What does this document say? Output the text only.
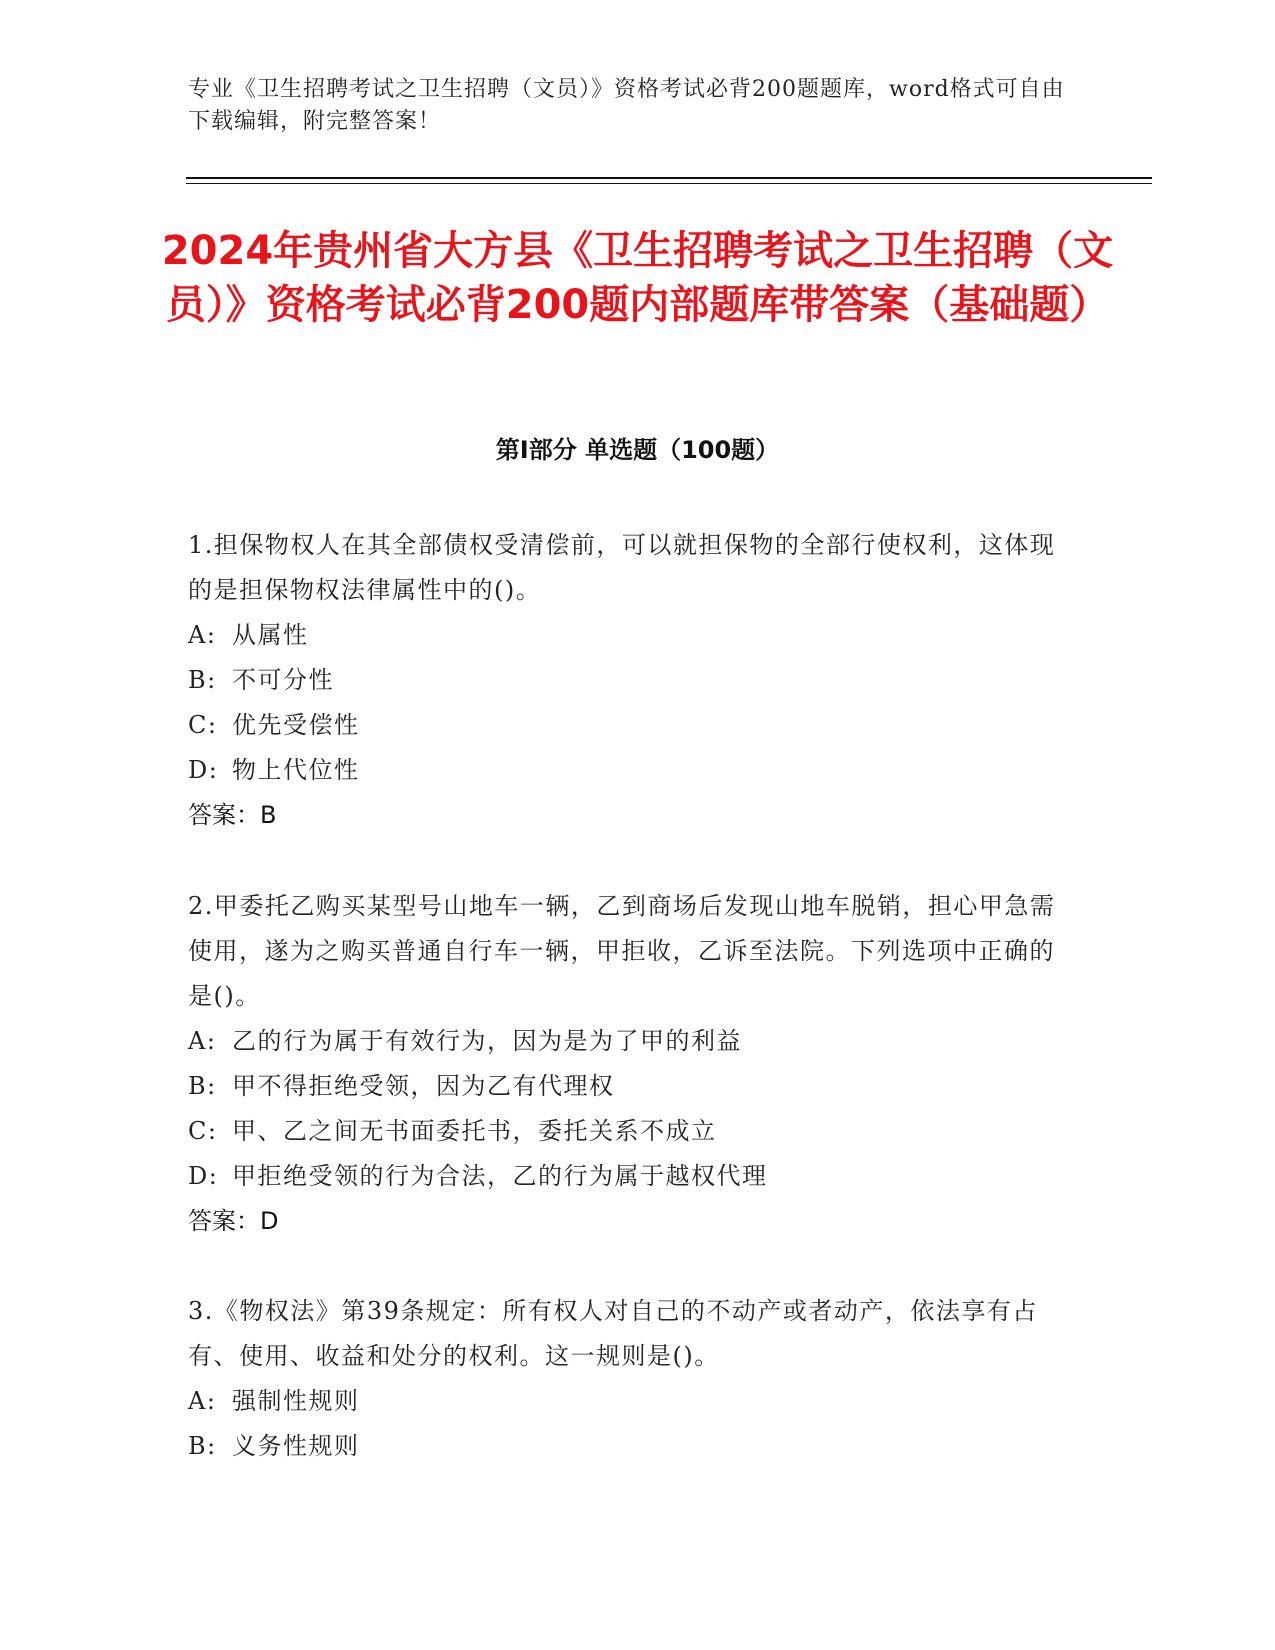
专业《卫生招聘考试之卫生招聘（文员）》资格考试必背200题题库，word格式可自由下载编辑，附完整答案！
2024年贵州省大方县《卫生招聘考试之卫生招聘（文员）》资格考试必背200题内部题库带答案（基础题）
第I部分 单选题（100题）

1.担保物权人在其全部债权受清偿前，可以就担保物的全部行使权利，这体现的是担保物权法律属性中的()。

A: 从属性

B: 不可分性

C: 优先受偿性

D: 物上代位性

答案：B

2.甲委托乙购买某型号山地车一辆，乙到商场后发现山地车脱销，担心甲急需使用，遂为之购买普通自行车一辆，甲拒收，乙诉至法院。下列选项中正确的是()。

A: 乙的行为属于有效行为，因为是为了甲的利益

B: 甲不得拒绝受领，因为乙有代理权

C: 甲、乙之间无书面委托书，委托关系不成立

D: 甲拒绝受领的行为合法，乙的行为属于越权代理

答案：D

3.《物权法》第39条规定：所有权人对自己的不动产或者动产，依法享有占有、使用、收益和处分的权利。这一规则是()。

A: 强制性规则

B: 义务性规则
